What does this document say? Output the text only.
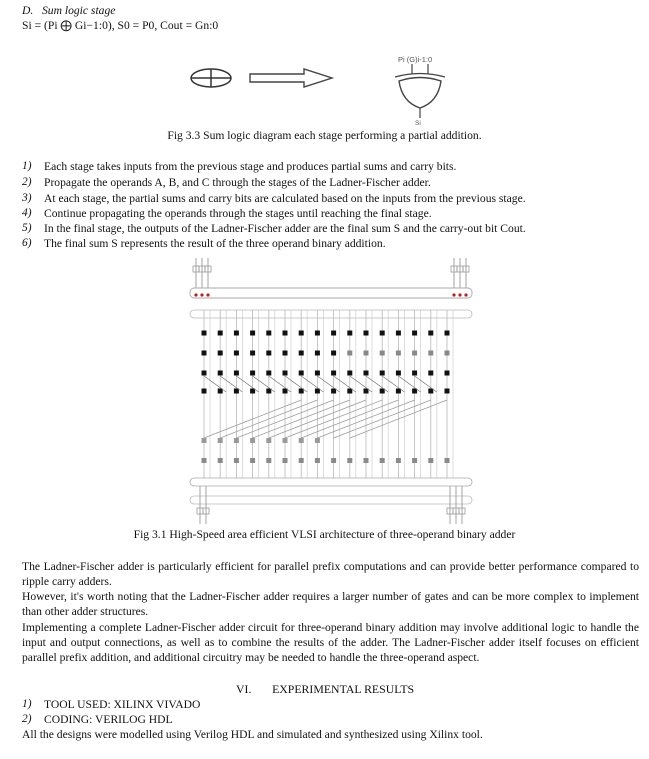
D. Sum logic stage
Si = (Pi ⨁ Gi−1:0), S0 = P0, Cout = Gn:0
Pi (G)i-1:0
Si
Fig 3.3 Sum logic diagram each stage performing a partial addition.
1) Each stage takes inputs from the previous stage and produces partial sums and carry bits.
2) Propagate the operands A, B, and C through the stages of the Ladner-Fischer adder.
3) At each stage, the partial sums and carry bits are calculated based on the inputs from the previous stage.
4) Continue propagating the operands through the stages until reaching the final stage.
5) In the final stage, the outputs of the Ladner-Fischer adder are the final sum S and the carry-out bit Cout.
6) The final sum S represents the result of the three operand binary addition.
Fig 3.1 High-Speed area efficient VLSI architecture of three-operand binary adder
The Ladner-Fischer adder is particularly efficient for parallel prefix computations and can provide better performance compared to
ripple carry adders.
However, it's worth noting that the Ladner-Fischer adder requires a larger number of gates and can be more complex to implement
than other adder structures.
Implementing a complete Ladner-Fischer adder circuit for three-operand binary addition may involve additional logic to handle the
input and output connections, as well as to combine the results of the adder. The Ladner-Fischer adder itself focuses on efficient
parallel prefix addition, and additional circuitry may be needed to handle the three-operand aspect.
VI. EXPERIMENTAL RESULTS
1) TOOL USED: XILINX VIVADO
2) CODING: VERILOG HDL
All the designs were modelled using Verilog HDL and simulated and synthesized using Xilinx tool.
